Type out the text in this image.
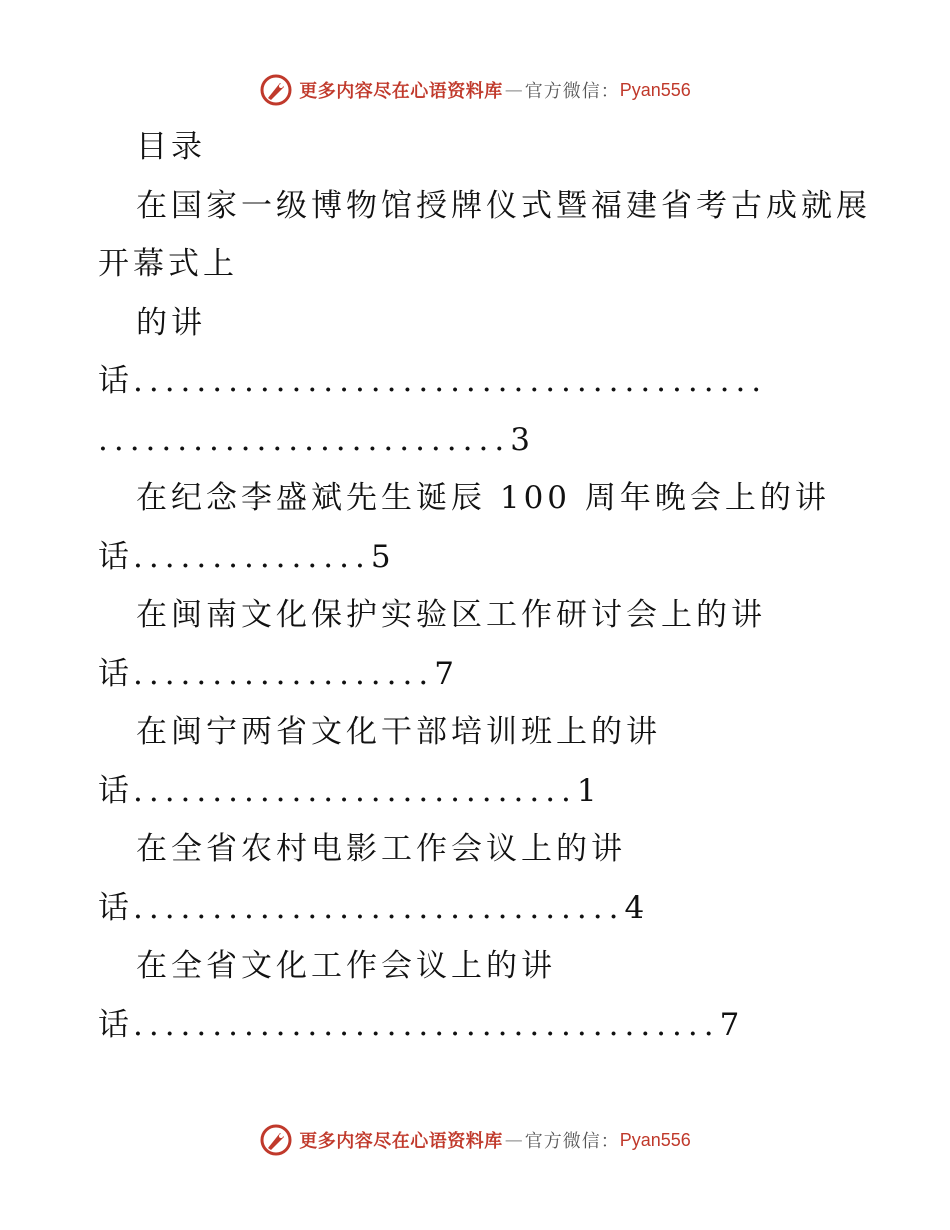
更多内容尽在心语资料库 — 官方微信： Pyan556
目录
在国家一级博物馆授牌仪式暨福建省考古成就展
开幕式上
的讲
话........................................
..........................3
在纪念李盛斌先生诞辰 100 周年晚会上的讲
话...............5
在闽南文化保护实验区工作研讨会上的讲
话...................7
在闽宁两省文化干部培训班上的讲
话............................1
在全省农村电影工作会议上的讲
话...............................4
在全省文化工作会议上的讲
话.....................................7
更多内容尽在心语资料库 — 官方微信： Pyan556
